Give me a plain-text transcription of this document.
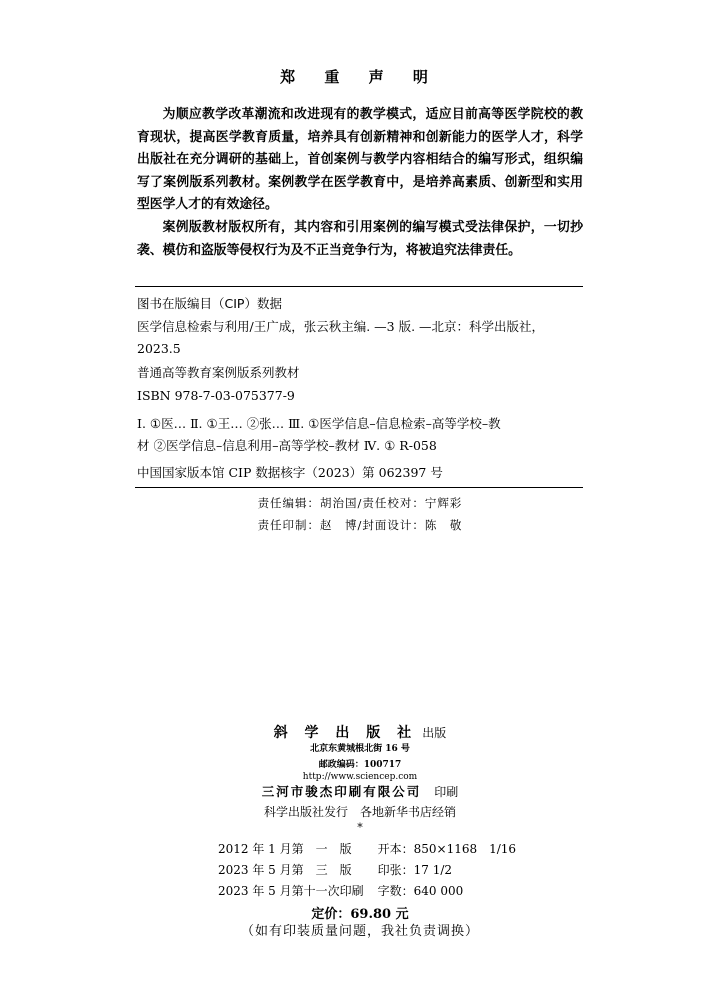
郑 重 声 明

为顺应教学改革潮流和改进现有的教学模式，适应目前高等医学院校的教育现状，提高医学教育质量，培养具有创新精神和创新能力的医学人才，科学出版社在充分调研的基础上，首创案例与教学内容相结合的编写形式，组织编写了案例版系列教材。案例教学在医学教育中，是培养高素质、创新型和实用型医学人才的有效途径。

案例版教材版权所有，其内容和引用案例的编写模式受法律保护，一切抄袭、模仿和盗版等侵权行为及不正当竞争行为，将被追究法律责任。

图书在版编目（CIP）数据
医学信息检索与利用/王广成，张云秋主编. —3 版. —北京：科学出版社，
2023.5
普通高等教育案例版系列教材
ISBN 978-7-03-075377-9
Ⅰ. ①医… Ⅱ. ①王… ②张… Ⅲ. ①医学信息–信息检索–高等学校–教
材 ②医学信息–信息利用–高等学校–教材 Ⅳ. ① R-058
中国国家版本馆 CIP 数据核字（2023）第 062397 号
责任编辑：胡治国/责任校对：宁辉彩
责任印制：赵　博/封面设计：陈　敬
斜 学 出 版 社 出版
北京东黄城根北街 16 号
邮政编码：100717
http://www.sciencep.com
三河市骏杰印刷有限公司 印刷
科学出版社发行　各地新华书店经销
*
2012 年 1 月第　一　版	开本：850×1168　1/16
2023 年 5 月第　三　版	印张：17 1/2
2023 年 5 月第十一次印刷	字数：640 000
定价：69.80 元
（如有印装质量问题，我社负责调换）
